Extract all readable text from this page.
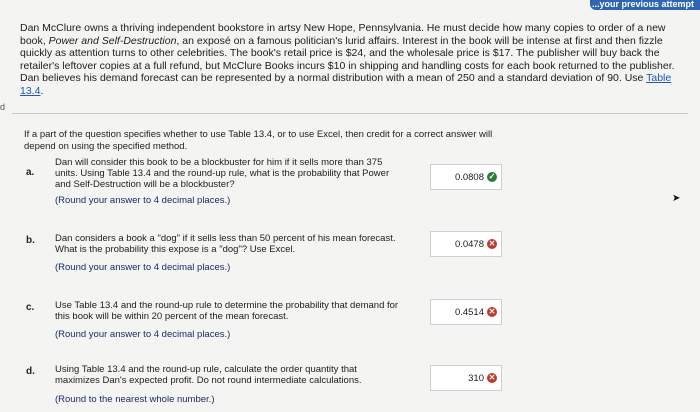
...your previous attempt
Dan McClure owns a thriving independent bookstore in artsy New Hope, Pennsylvania. He must decide how many copies to order of a new book, Power and Self-Destruction, an exposé on a famous politician's lurid affairs. Interest in the book will be intense at first and then fizzle quickly as attention turns to other celebrities. The book's retail price is $24, and the wholesale price is $17. The publisher will buy back the retailer's leftover copies at a full refund, but McClure Books incurs $10 in shipping and handling costs for each book returned to the publisher. Dan believes his demand forecast can be represented by a normal distribution with a mean of 250 and a standard deviation of 90. Use Table 13.4.
d
If a part of the question specifies whether to use Table 13.4, or to use Excel, then credit for a correct answer will depend on using the specified method.
a.
Dan will consider this book to be a blockbuster for him if it sells more than 375 units. Using Table 13.4 and the round-up rule, what is the probability that Power and Self-Destruction will be a blockbuster?
(Round your answer to 4 decimal places.)
0.0808 ✓
b. Dan considers a book a "dog" if it sells less than 50 percent of his mean forecast. What is the probability this expose is a "dog"? Use Excel.
(Round your answer to 4 decimal places.)
0.0478 ✕
c. Use Table 13.4 and the round-up rule to determine the probability that demand for this book will be within 20 percent of the mean forecast.
(Round your answer to 4 decimal places.)
0.4514 ✕
d. Using Table 13.4 and the round-up rule, calculate the order quantity that maximizes Dan's expected profit. Do not round intermediate calculations.
(Round to the nearest whole number.)
310 ✕
➤
